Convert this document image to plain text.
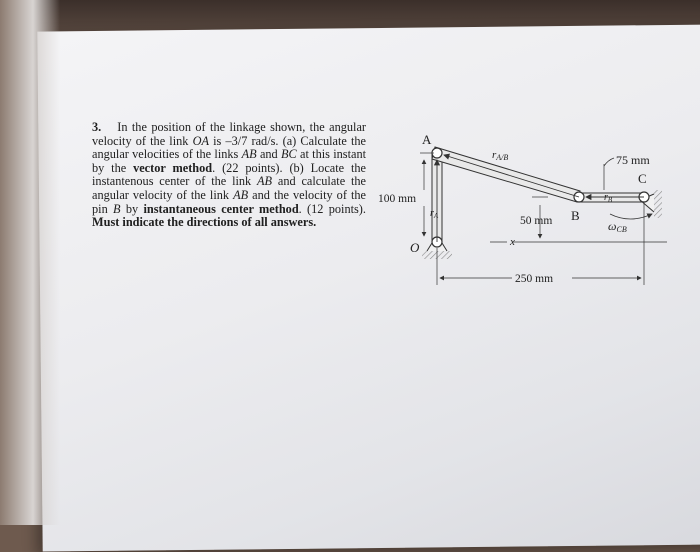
3. In the position of the linkage shown, the angular velocity of the link OA is –3/7 rad/s. (a) Calculate the angular velocities of the links AB and BC at this instant by the vector method. (22 points). (b) Locate the instantenous center of the link AB and calculate the angular velocity of the link AB and the velocity of the pin B by instantaneous center method. (12 points). Must indicate the directions of all answers.

A
O
B
C
rA/B
$r_A$
$r_B$
ωCB
x
100 mm
50 mm
75 mm
250 mm
